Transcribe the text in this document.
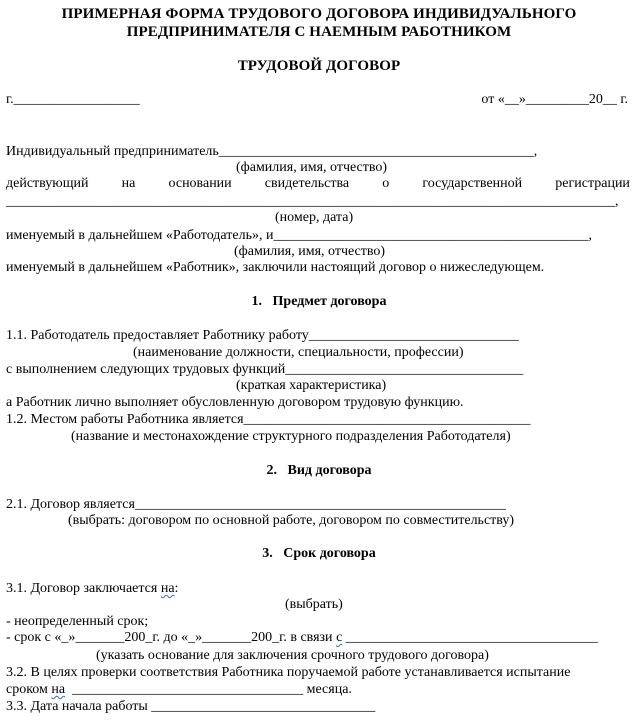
ПРИМЕРНАЯ ФОРМА ТРУДОВОГО ДОГОВОРА ИНДИВИДУАЛЬНОГО
ПРЕДПРИНИМАТЕЛЯ С НАЕМНЫМ РАБОТНИКОМ
ТРУДОВОЙ ДОГОВОР
г.__________________	от «__»_________20__ г.
Индивидуальный предприниматель_____________________________________________,
(фамилия, имя, отчество)
действующий на основании свидетельства о государственной регистрации
_______________________________________________________________________________________,
(номер, дата)
именуемый в дальнейшем «Работодатель», и_____________________________________________,
(фамилия, имя, отчество)
именуемый в дальнейшем «Работник», заключили настоящий договор о нижеследующем.
1.   Предмет договора
1.1. Работодатель предоставляет Работнику работу______________________________
(наименование должности, специальности, профессии)
с выполнением следующих трудовых функций__________________________________
(краткая характеристика)
а Работник лично выполняет обусловленную договором трудовую функцию.
1.2. Местом работы Работника является_________________________________________
(название и местонахождение структурного подразделения Работодателя)
2.   Вид договора
2.1. Договор является_____________________________________________________
(выбрать: договором по основной работе, договором по совместительству)
3.   Срок договора
3.1. Договор заключается на:
(выбрать)
- неопределенный срок;
- срок с «_»_______200_г. до «_»_______200_г. в связи с ____________________________________
(указать основание для заключения срочного трудового договора)
3.2. В целях проверки соответствия Работника поручаемой работе устанавливается испытание
сроком на  _________________________________ месяца.
3.3. Дата начала работы ________________________________
